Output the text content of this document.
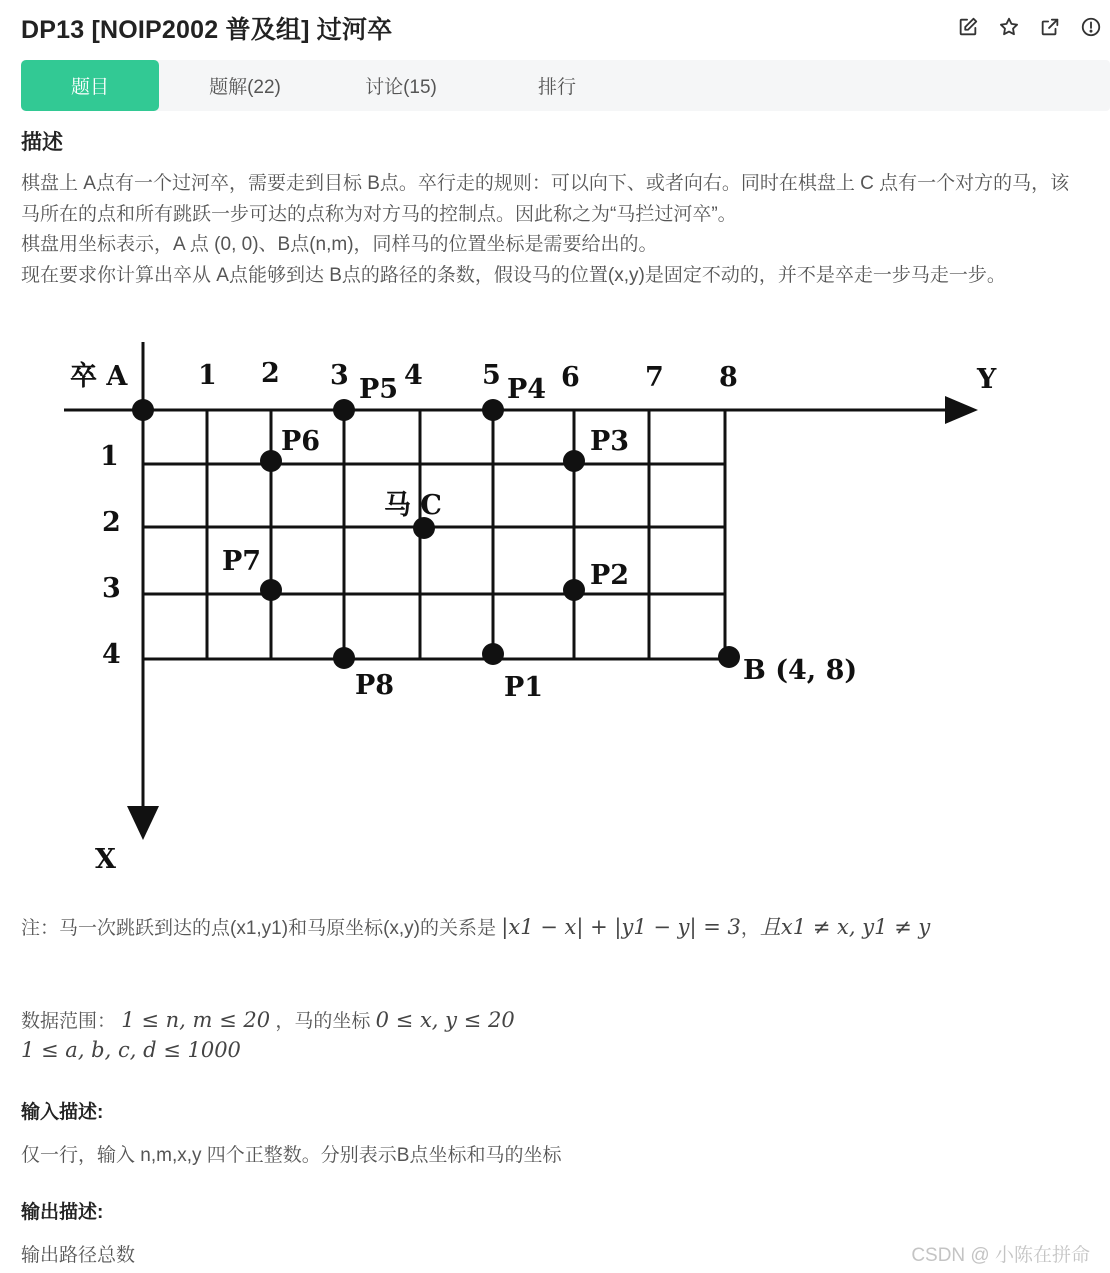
DP13 [NOIP2002 普及组] 过河卒
题目	题解(22)	讨论(15)	排行
描述

棋盘上 A点有一个过河卒，需要走到目标 B点。卒行走的规则：可以向下、或者向右。同时在棋盘上 C 点有一个对方的马，该马所在的点和所有跳跃一步可达的点称为对方马的控制点。因此称之为“马拦过河卒”。

棋盘用坐标表示，A 点 (0, 0)、B点(n,m)，同样马的位置坐标是需要给出的。

现在要求你计算出卒从 A点能够到达 B点的路径的条数，假设马的位置(x,y)是固定不动的，并不是卒走一步马走一步。

卒 A	Y
X
1 2 3 4 5 6 7 8
1
2
3
4
马 C
B (4, 8)
P1
P2
P3
P4
P5
P6
P7
P8

注：马一次跳跃到达的点(x1,y1)和马原坐标(x,y)的关系是 |x1 − x| + |y1 − y| = 3，且x1 ≠ x, y1 ≠ y

数据范围： 1 ≤ n, m ≤ 20 ，马的坐标 0 ≤ x, y ≤ 20

1 ≤ a, b, c, d ≤ 1000

输入描述:

仅一行，输入 n,m,x,y 四个正整数。分别表示B点坐标和马的坐标

输出描述:

输出路径总数	CSDN @ 小陈在拼命
